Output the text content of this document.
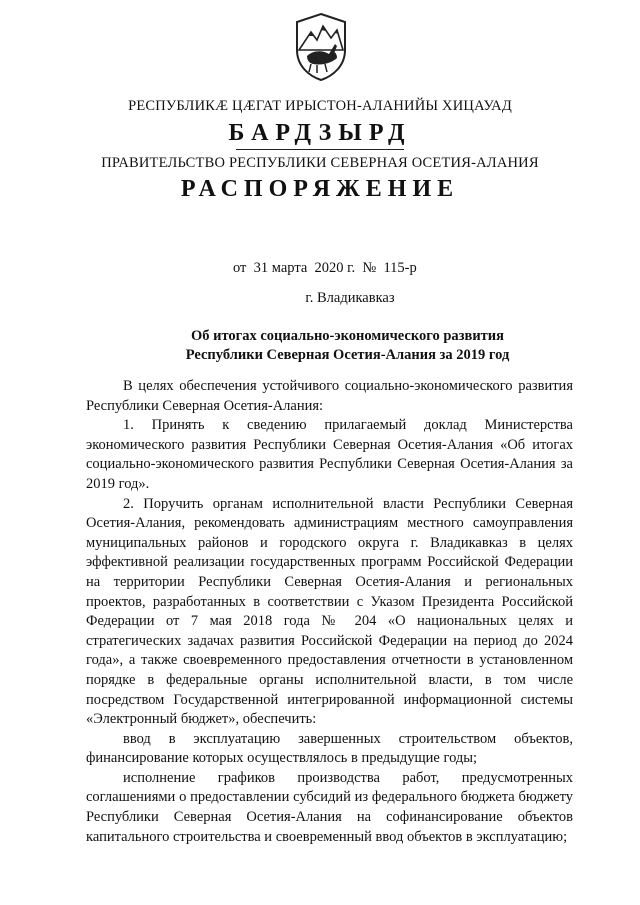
РЕСПУБЛИКӔ ЦӔГАТ ИРЫСТОН-АЛАНИЙЫ ХИЦАУАД
БАРДЗЫРД
ПРАВИТЕЛЬСТВО РЕСПУБЛИКИ СЕВЕРНАЯ ОСЕТИЯ-АЛАНИЯ
РАСПОРЯЖЕНИЕ
от  31 марта  2020 г.  №  115-р
г. Владикавказ
Об итогах социально-экономического развития
Республики Северная Осетия-Алания за 2019 год

В целях обеспечения устойчивого социально-экономического развития Республики Северная Осетия-Алания:

1. Принять к сведению прилагаемый доклад Министерства экономического развития Республики Северная Осетия-Алания «Об итогах социально-экономического развития Республики Северная Осетия-Алания за 2019 год».

2. Поручить органам исполнительной власти Республики Северная Осетия-Алания, рекомендовать администрациям местного самоуправления муниципальных районов и городского округа г. Владикавказ в целях эффективной реализации государственных программ Российской Федерации на территории Республики Северная Осетия-Алания и региональных проектов, разработанных в соответствии с Указом Президента Российской Федерации от 7 мая 2018 года № 204 «О национальных целях и стратегических задачах развития Российской Федерации на период до 2024 года», а также своевременного предоставления отчетности в установленном порядке в федеральные органы исполнительной власти, в том числе посредством Государственной интегрированной информационной системы «Электронный бюджет», обеспечить:

ввод в эксплуатацию завершенных строительством объектов, финансирование которых осуществлялось в предыдущие годы;

исполнение графиков производства работ, предусмотренных соглашениями о предоставлении субсидий из федерального бюджета бюджету Республики Северная Осетия-Алания на софинансирование объектов капитального строительства и своевременный ввод объектов в эксплуатацию;
